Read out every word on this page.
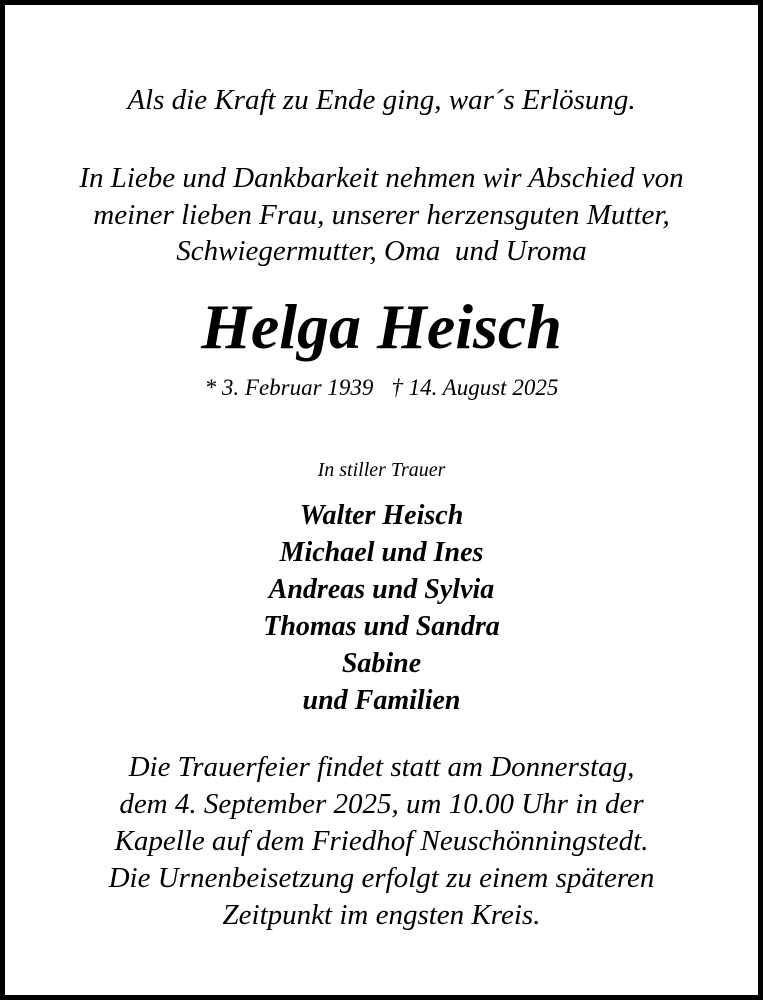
Als die Kraft zu Ende ging, war´s Erlösung.
In Liebe und Dankbarkeit nehmen wir Abschied von
meiner lieben Frau, unserer herzensguten Mutter,
Schwiegermutter, Oma  und Uroma
Helga Heisch
* 3. Februar 1939 † 14. August 2025
In stiller Trauer
Walter Heisch
Michael und Ines
Andreas und Sylvia
Thomas und Sandra
Sabine
und Familien
Die Trauerfeier findet statt am Donnerstag,
dem 4. September 2025, um 10.00 Uhr in der
Kapelle auf dem Friedhof Neuschönningstedt.
Die Urnenbeisetzung erfolgt zu einem späteren
Zeitpunkt im engsten Kreis.
